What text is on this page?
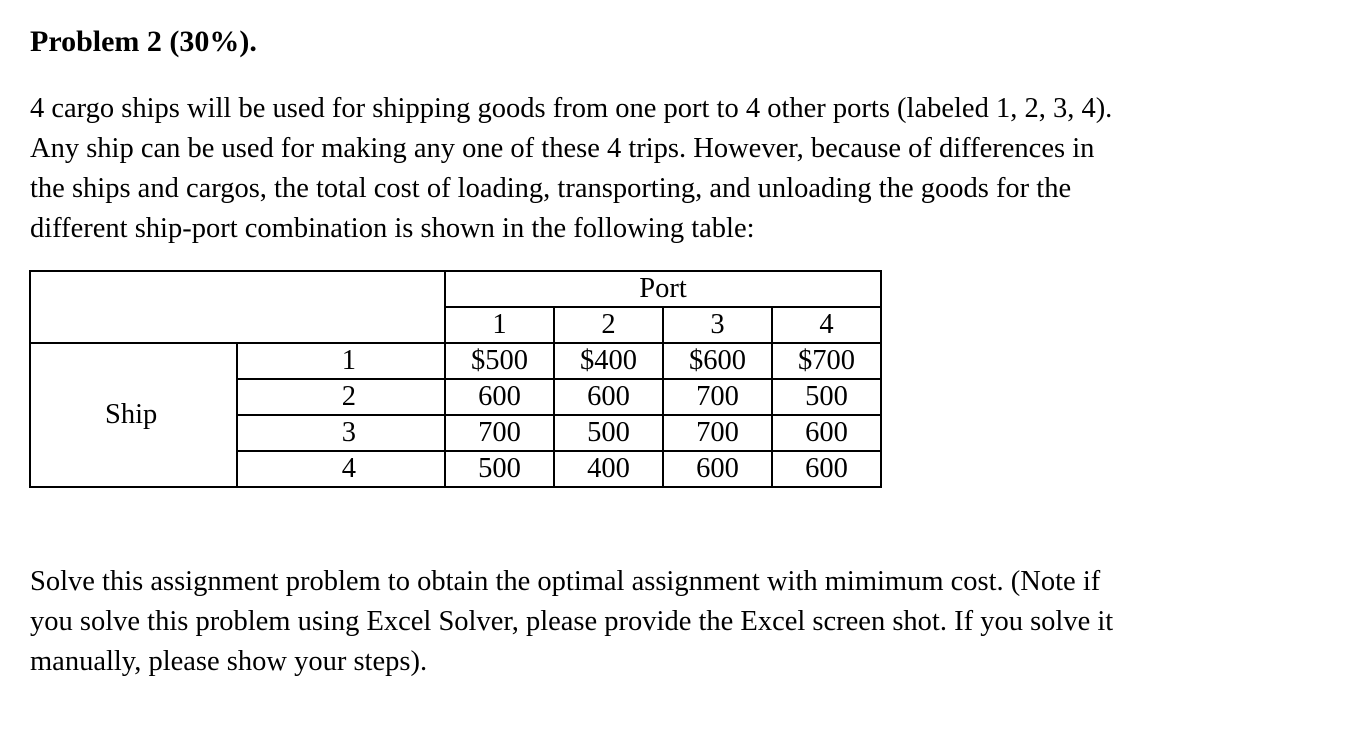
Problem 2 (30%).
4 cargo ships will be used for shipping goods from one port to 4 other ports (labeled 1, 2, 3, 4).
Any ship can be used for making any one of these 4 trips. However, because of differences in
the ships and cargos, the total cost of loading, transporting, and unloading the goods for the
different ship-port combination is shown in the following table:
		Port			
		1	2	3	4
Ship	1	$500	$400	$600	$700
	2	600	600	700	500
	3	700	500	700	600
	4	500	400	600	600
Solve this assignment problem to obtain the optimal assignment with mimimum cost. (Note if
you solve this problem using Excel Solver, please provide the Excel screen shot. If you solve it
manually, please show your steps).
